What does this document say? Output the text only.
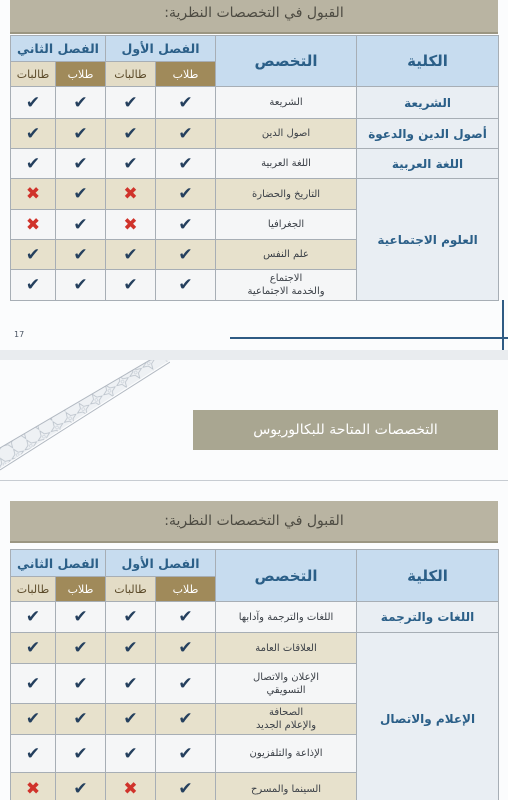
القبول في التخصصات النظرية:
الفصل الثاني		الفصل الأول		التخصص	الكلية
طالبات	طلاب	طالبات	طلاب		
✔	✔	✔	✔	الشريعة	الشريعة
✔	✔	✔	✔	اصول الدين	أصول الدين والدعوة
✔	✔	✔	✔	اللغة العربية	اللغة العربية
✖	✔	✖	✔	التاريخ والحضارة	العلوم الاجتماعية
✖	✔	✖	✔	الجغرافيا	
✔	✔	✔	✔	علم النفس	
✔	✔	✔	✔	الاجتماع
والخدمة الاجتماعية	
17
التخصصات المتاحة للبكالوريوس
القبول في التخصصات النظرية:
الفصل الثاني		الفصل الأول		التخصص	الكلية
طالبات	طلاب	طالبات	طلاب		
✔	✔	✔	✔	اللغات والترجمة وآدابها	اللغات والترجمة
✔	✔	✔	✔	العلاقات العامة	الإعلام والاتصال
✔	✔	✔	✔	الإعلان والاتصال
التسويقي	

✔	✔	✔	✔	الصحافة
والإعلام الجديد	

✔	✔	✔	✔	الإذاعة والتلفزيون	
✖	✔	✖	✔	السينما والمسرح	
